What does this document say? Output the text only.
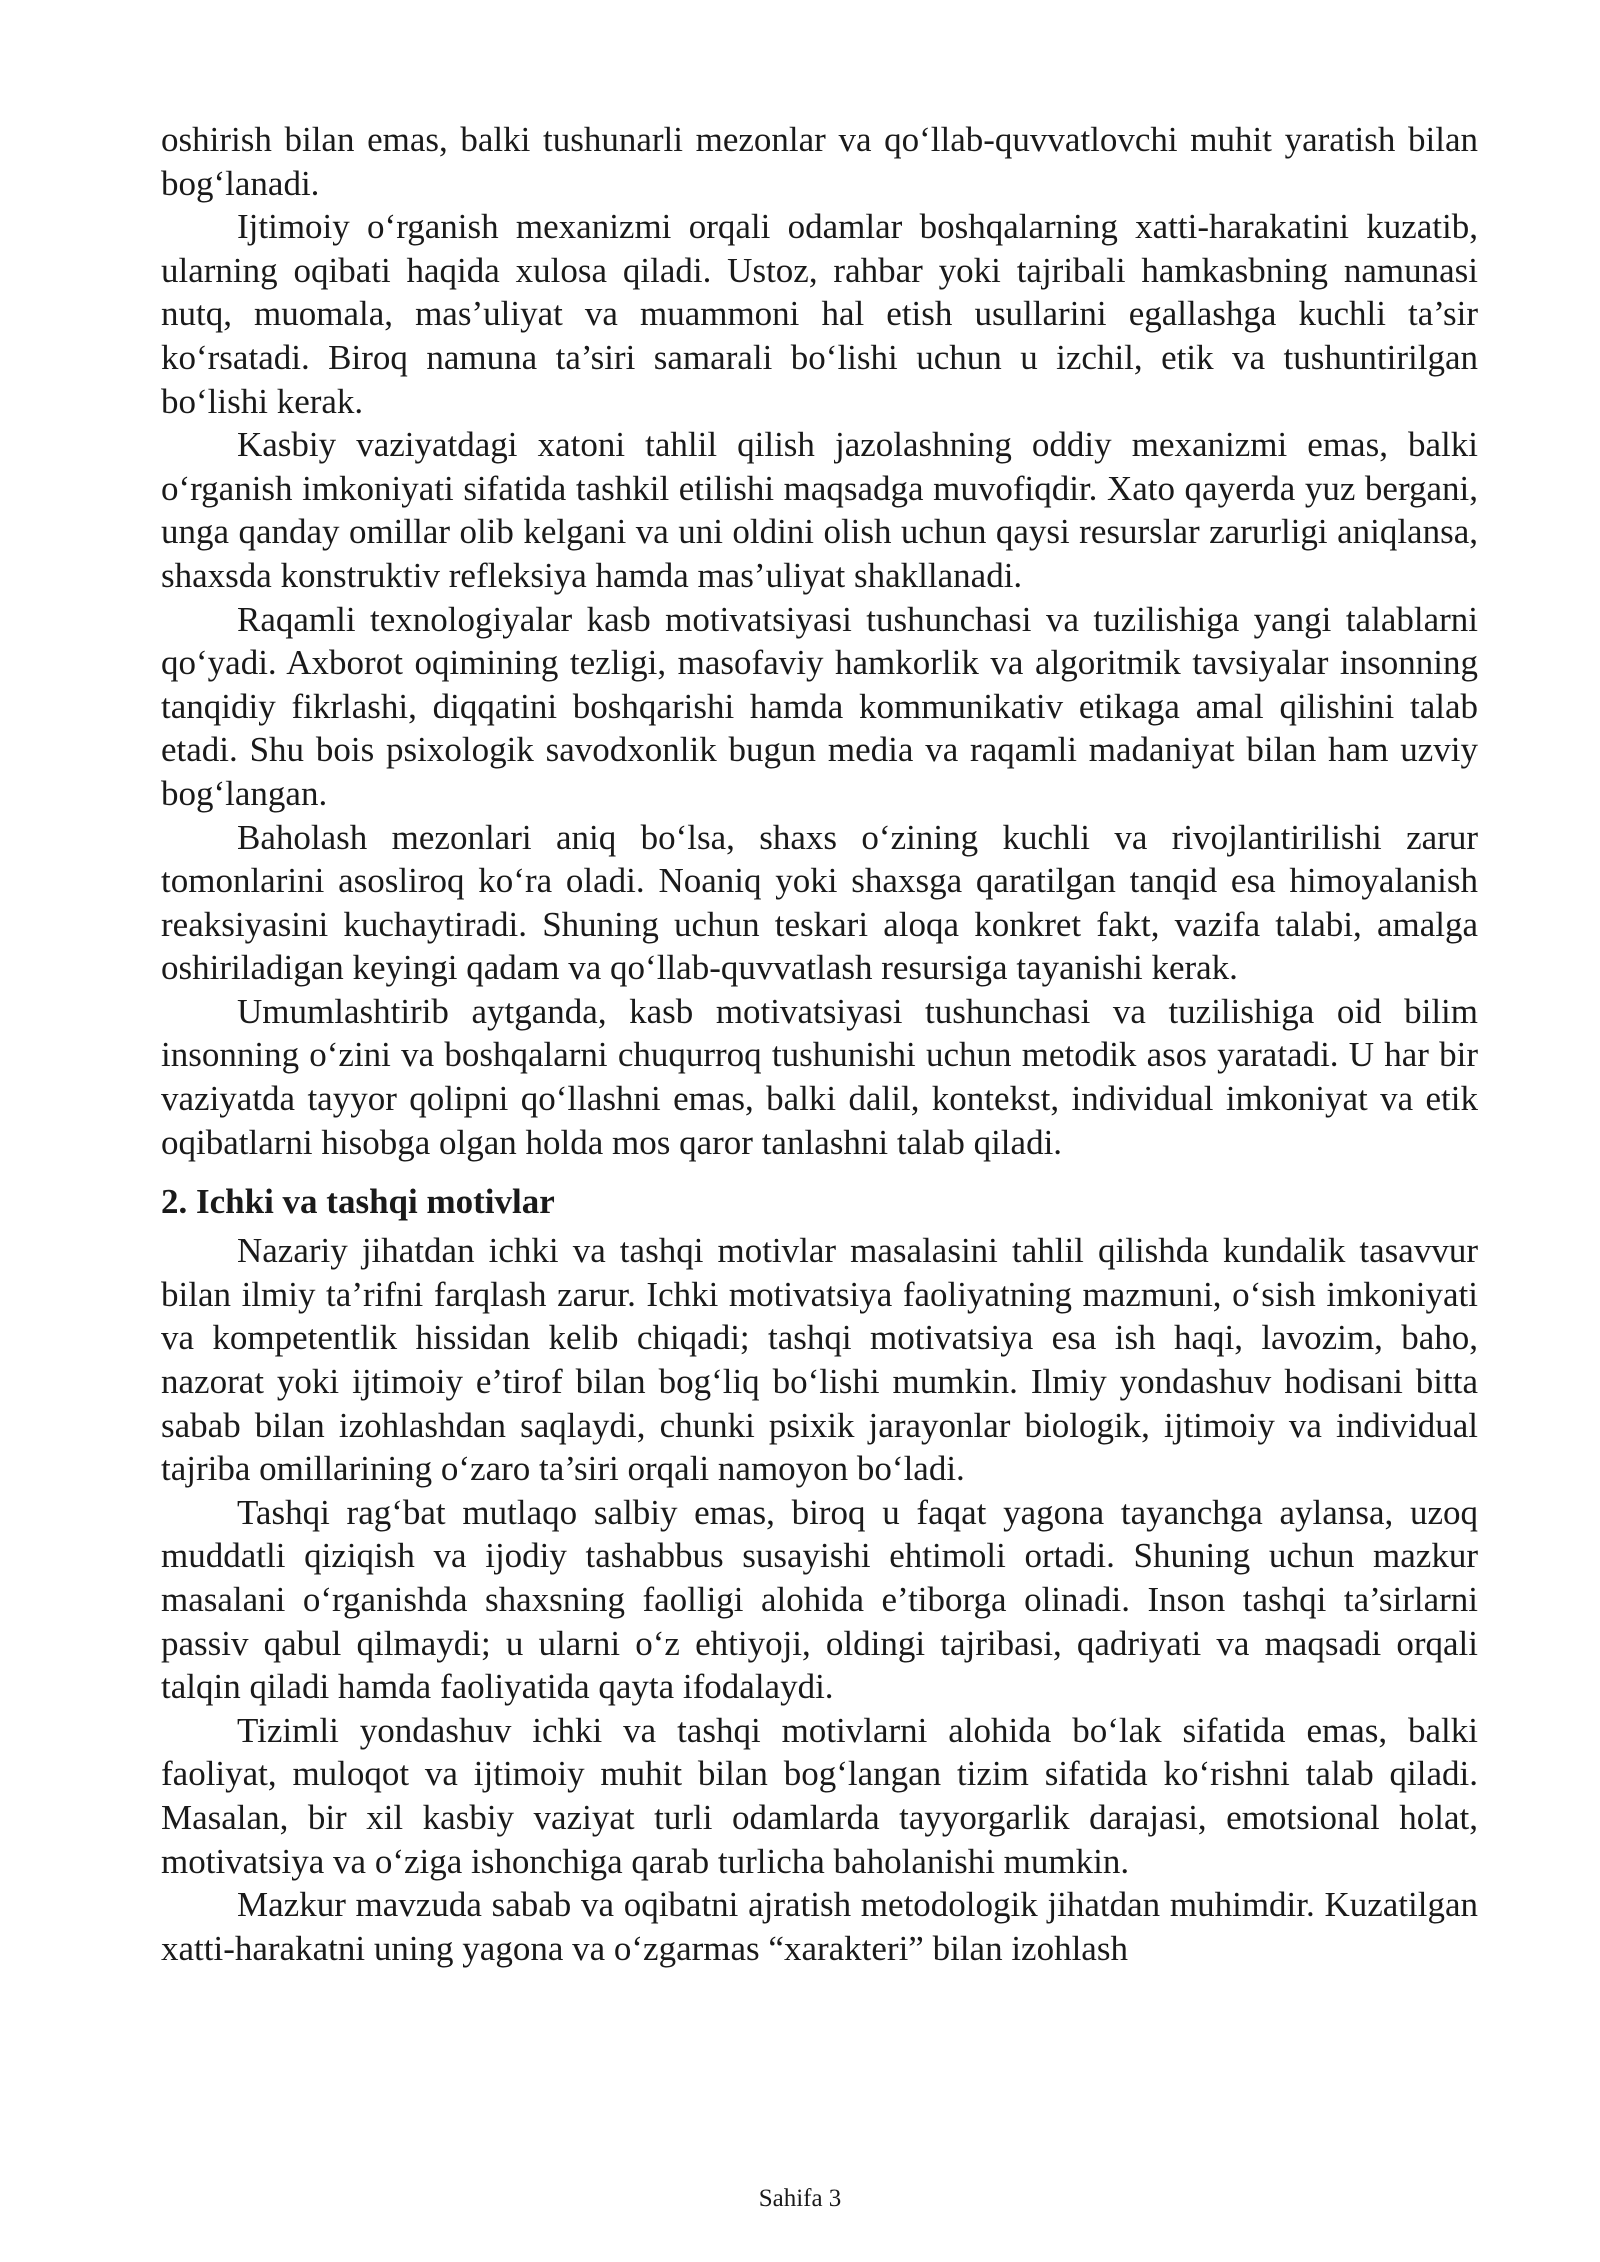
oshirish bilan emas, balki tushunarli mezonlar va qo‘llab-quvvatlovchi muhit yaratish bilan bog‘lanadi.

Ijtimoiy o‘rganish mexanizmi orqali odamlar boshqalarning xatti-harakatini kuzatib, ularning oqibati haqida xulosa qiladi. Ustoz, rahbar yoki tajribali hamkasbning namunasi nutq, muomala, mas’uliyat va muammoni hal etish usullarini egallashga kuchli ta’sir ko‘rsatadi. Biroq namuna ta’siri samarali bo‘lishi uchun u izchil, etik va tushuntirilgan bo‘lishi kerak.

Kasbiy vaziyatdagi xatoni tahlil qilish jazolashning oddiy mexanizmi emas, balki o‘rganish imkoniyati sifatida tashkil etilishi maqsadga muvofiqdir. Xato qayerda yuz bergani, unga qanday omillar olib kelgani va uni oldini olish uchun qaysi resurslar zarurligi aniqlansa, shaxsda konstruktiv refleksiya hamda mas’uliyat shakllanadi.

Raqamli texnologiyalar kasb motivatsiyasi tushunchasi va tuzilishiga yangi talablarni qo‘yadi. Axborot oqimining tezligi, masofaviy hamkorlik va algoritmik tavsiyalar insonning tanqidiy fikrlashi, diqqatini boshqarishi hamda kommunikativ etikaga amal qilishini talab etadi. Shu bois psixologik savodxonlik bugun media va raqamli madaniyat bilan ham uzviy bog‘langan.

Baholash mezonlari aniq bo‘lsa, shaxs o‘zining kuchli va rivojlantirilishi zarur tomonlarini asosliroq ko‘ra oladi. Noaniq yoki shaxsga qaratilgan tanqid esa himoyalanish reaksiyasini kuchaytiradi. Shuning uchun teskari aloqa konkret fakt, vazifa talabi, amalga oshiriladigan keyingi qadam va qo‘llab-quvvatlash resursiga tayanishi kerak.

Umumlashtirib aytganda, kasb motivatsiyasi tushunchasi va tuzilishiga oid bilim insonning o‘zini va boshqalarni chuqurroq tushunishi uchun metodik asos yaratadi. U har bir vaziyatda tayyor qolipni qo‘llashni emas, balki dalil, kontekst, individual imkoniyat va etik oqibatlarni hisobga olgan holda mos qaror tanlashni talab qiladi.

2. Ichki va tashqi motivlar

Nazariy jihatdan ichki va tashqi motivlar masalasini tahlil qilishda kundalik tasavvur bilan ilmiy ta’rifni farqlash zarur. Ichki motivatsiya faoliyatning mazmuni, o‘sish imkoniyati va kompetentlik hissidan kelib chiqadi; tashqi motivatsiya esa ish haqi, lavozim, baho, nazorat yoki ijtimoiy e’tirof bilan bog‘liq bo‘lishi mumkin. Ilmiy yondashuv hodisani bitta sabab bilan izohlashdan saqlaydi, chunki psixik jarayonlar biologik, ijtimoiy va individual tajriba omillarining o‘zaro ta’siri orqali namoyon bo‘ladi.

Tashqi rag‘bat mutlaqo salbiy emas, biroq u faqat yagona tayanchga aylansa, uzoq muddatli qiziqish va ijodiy tashabbus susayishi ehtimoli ortadi. Shuning uchun mazkur masalani o‘rganishda shaxsning faolligi alohida e’tiborga olinadi. Inson tashqi ta’sirlarni passiv qabul qilmaydi; u ularni o‘z ehtiyoji, oldingi tajribasi, qadriyati va maqsadi orqali talqin qiladi hamda faoliyatida qayta ifodalaydi.

Tizimli yondashuv ichki va tashqi motivlarni alohida bo‘lak sifatida emas, balki faoliyat, muloqot va ijtimoiy muhit bilan bog‘langan tizim sifatida ko‘rishni talab qiladi. Masalan, bir xil kasbiy vaziyat turli odamlarda tayyorgarlik darajasi, emotsional holat, motivatsiya va o‘ziga ishonchiga qarab turlicha baholanishi mumkin.

Mazkur mavzuda sabab va oqibatni ajratish metodologik jihatdan muhimdir. Kuzatilgan xatti-harakatni uning yagona va o‘zgarmas “xarakteri” bilan izohlash

Sahifa 3
